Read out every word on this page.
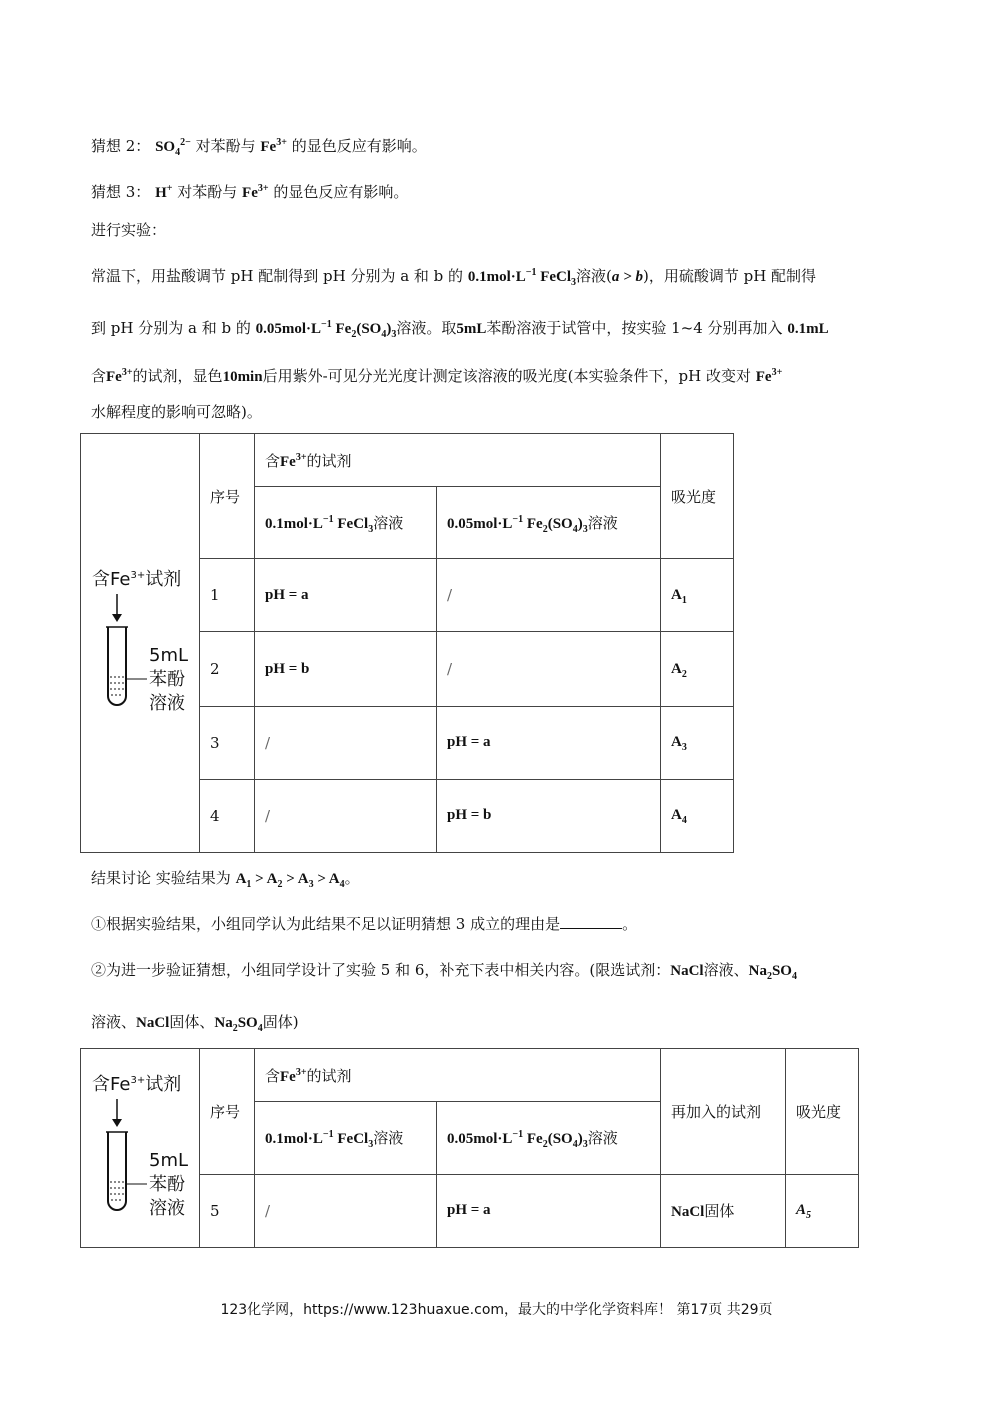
猜想 2： $SO_4^{2-}$ 对苯酚与 $Fe^{3+}$ 的显色反应有影响。
猜想 3： H+ 对苯酚与 $Fe^{3+}$ 的显色反应有影响。
进行实验：
常温下，用盐酸调节 pH 配制得到 pH 分别为 a 和 b 的 $0.1mol\cdot L^{-1}$ FeCl$_3$溶液(a > b)，用硫酸调节 pH 配制得
到 pH 分别为 a 和 b 的 $0.05mol\cdot L^{-1}$ $Fe_2(SO_4)_3$溶液。取5mL苯酚溶液于试管中，按实验 1~4 分别再加入 0.1mL
含$Fe^{3+}$的试剂，显色10min后用紫外-可见分光光度计测定该溶液的吸光度(本实验条件下，pH 改变对 $Fe^{3+}$
水解程度的影响可忽略)。
含$Fe^{3+}$试剂
5mL
苯酚
溶液	序号	含$Fe^{3+}$的试剂		吸光度
		$0.1mol\cdot L^{-1}$ FeCl$_3$溶液	$0.05mol\cdot L^{-1}$ $Fe_2(SO_4)_3$溶液	
	1	pH = a	/	$A_1$
	2	pH = b	/	$A_2$
	3	/	pH = a	$A_3$
	4	/	pH = b	$A_4$
结果讨论 实验结果为 $A_1 > A_2 > A_3 > A_4$。
①根据实验结果，小组同学认为此结果不足以证明猜想 3 成立的理由是	。
②为进一步验证猜想，小组同学设计了实验 5 和 6，补充下表中相关内容。(限选试剂：NaCl溶液、$Na_2SO_4$
溶液、NaCl固体、$Na_2SO_4$固体)
含$Fe^{3+}$试剂
5mL
苯酚
溶液	序号	含$Fe^{3+}$的试剂		再加入的试剂	吸光度
		$0.1mol\cdot L^{-1}$ FeCl$_3$溶液	$0.05mol\cdot L^{-1}$ $Fe_2(SO_4)_3$溶液		
	5	/	pH = a	NaCl固体	$A_5$
123化学网，https://www.123huaxue.com，最大的中学化学资料库！ 第17页 共29页
